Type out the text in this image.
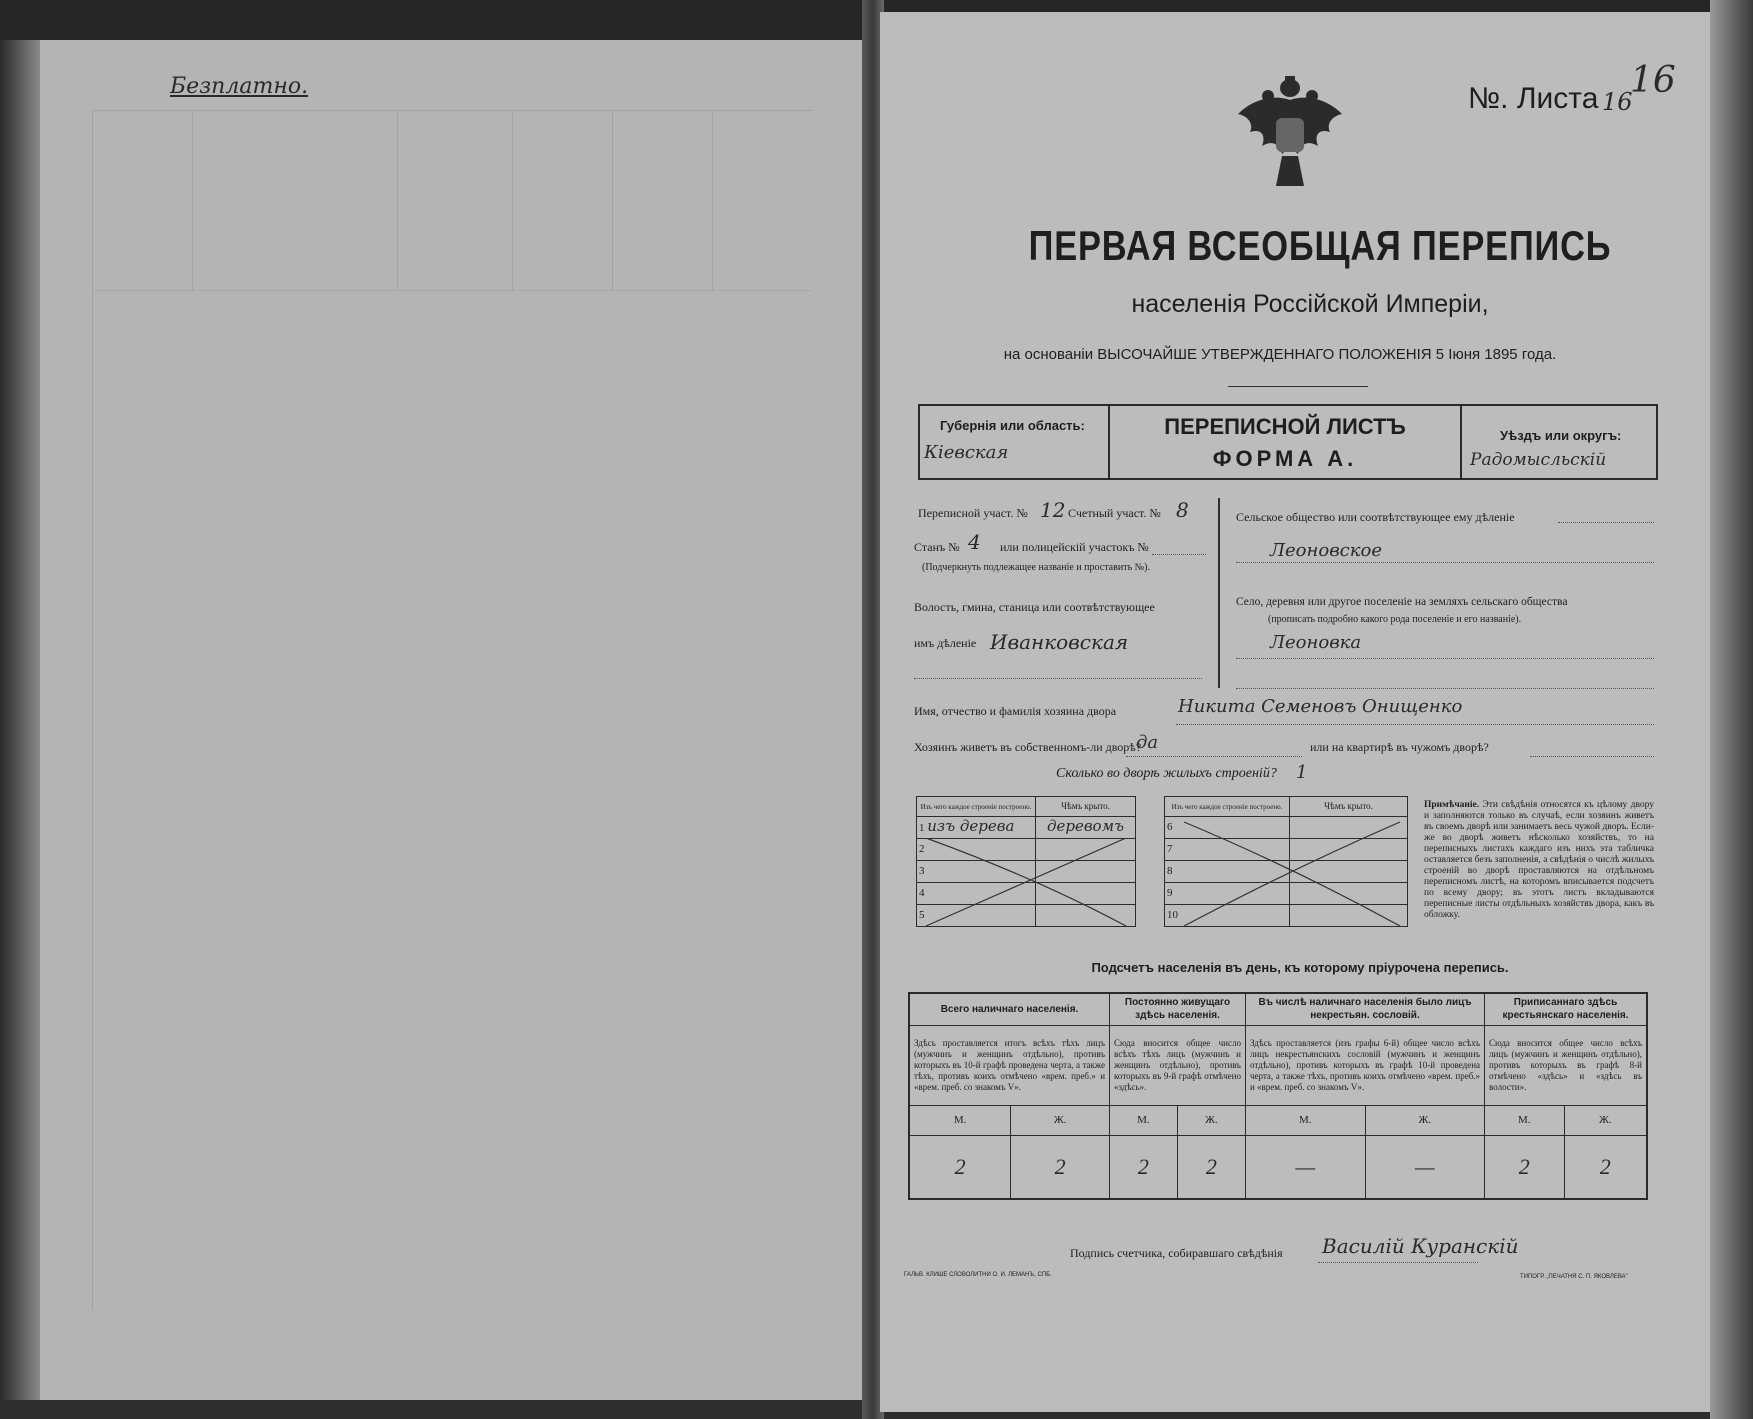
Безплатно.	№. Листа 16
16
ПЕРВАЯ ВСЕОБЩАЯ ПЕРЕПИСЬ
населенія Россійской Имперіи,
на основаніи ВЫСОЧАЙШЕ УТВЕРЖДЕННАГО ПОЛОЖЕНІЯ 5 Іюня 1895 года.
Губернія или область:
Кіевская
ПЕРЕПИСНОЙ ЛИСТЪ
ФОРМА А.
Уѣздъ или округъ:
Радомысльскій
Переписной участ. № 12 Счетный участ. № 8
Станъ № 4 или полицейскій участокъ №
(Подчеркнуть подлежащее названіе и проставить №).
Волость, гмина, станица или соотвѣтствующее
имъ дѣленіе Иванковская
Сельское общество или соотвѣтствующее ему дѣленіе
Леоновское
Село, деревня или другое поселеніе на земляхъ сельскаго общества
(прописать подробно какого рода поселеніе и его названіе).
Леоновка
Имя, отчество и фамилія хозяина двора	Никита Семеновъ Онищенко
Хозяинъ живетъ въ собственномъ-ли дворѣ?
да	или на квартирѣ въ чужомъ дворѣ?
Сколько во дворѣ жилыхъ строеній? 1
Изъ чего каждое строеніе построено.	Чѣмъ крыто.
1 изъ дерева	деревомъ
2	
3	
4	
5	
Изъ чего каждое строеніе построено.	Чѣмъ крыто.
6	
7	
8	
9	
10	
Примѣчаніе. Эти свѣдѣнія относятся къ цѣлому двору и заполняются только въ случаѣ, если хозяинъ живетъ въ своемъ дворѣ или занимаетъ весь чужой дворъ. Если-же во дворѣ живетъ нѣсколько хозяйствъ, то на переписныхъ листахъ каждаго изъ нихъ эта табличка оставляется безъ заполненія, а свѣдѣнія о числѣ жилыхъ строеній во дворѣ проставляются на отдѣльномъ переписномъ листѣ, на которомъ вписывается подсчетъ по всему двору; въ этотъ листъ вкладываются переписные листы отдѣльныхъ хозяйствъ двора, какъ въ обложку.
Подсчетъ населенія въ день, къ которому пріурочена перепись.
Всего наличнаго населенія.		Постоянно живущаго здѣсь населенія.		Въ числѣ наличнаго населенія было лицъ некрестьян. сословій.		Приписаннаго здѣсь крестьянскаго населенія.	
Здѣсь проставляется итогъ всѣхъ тѣхъ лицъ (мужчинъ и женщинъ отдѣльно), противъ которыхъ въ 10-й графѣ проведена черта, а также тѣхъ, противъ коихъ отмѣчено «врем. преб.» и «врем. преб. со знакомъ V».		Сюда вносится общее число всѣхъ тѣхъ лицъ (мужчинъ и женщинъ отдѣльно), противъ которыхъ въ 9-й графѣ отмѣчено «здѣсь».		Здѣсь проставляется (изъ графы 6-й) общее число всѣхъ лицъ некрестьянскихъ сословій (мужчинъ и женщинъ отдѣльно), противъ которыхъ въ графѣ 10-й проведена черта, а также тѣхъ, противъ коихъ отмѣчено «врем. преб.» и «врем. преб. со знакомъ V».		Сюда вносится общее число всѣхъ лицъ (мужчинъ и женщинъ отдѣльно), противъ которыхъ въ графѣ 8-й отмѣчено «здѣсь» и «здѣсь въ волости».	
М.	Ж.	М.	Ж.	М.	Ж.	М.	Ж.
2	2	2	2	—	—	2	2
Подпись счетчика, собиравшаго свѣдѣнія Василій Куранскій
ГАЛЬВ. КЛИШЕ СЛОВОЛИТНИ О. И. ЛЕМАНЪ, СПБ.	ТИПОГР. „ПЕЧАТНЯ С. П. ЯКОВЛЕВА"
